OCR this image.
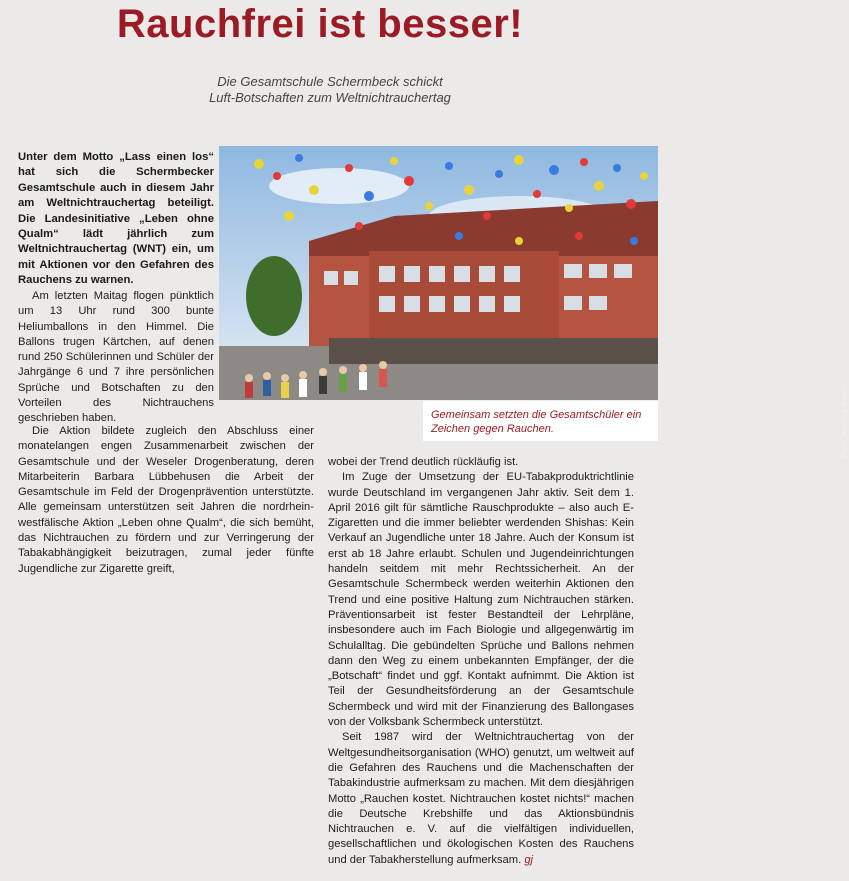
Rauchfrei ist besser!
Die Gesamtschule Schermbeck schickt
Luft-Botschaften zum Weltnichtrauchertag

Unter dem Motto „Lass einen los“ hat sich die Schermbecker Gesamtschule auch in diesem Jahr am Weltnichtrauchertag beteiligt. Die Landesinitiative „Leben ohne Qualm“ lädt jährlich zum Weltnichtrauchertag (WNT) ein, um mit Aktionen vor den Gefahren des Rauchens zu warnen.

Am letzten Maitag flogen pünktlich um 13 Uhr rund 300 bunte Heliumballons in den Himmel. Die Ballons trugen Kärtchen, auf denen rund 250 Schülerinnen und Schüler der Jahrgänge 6 und 7 ihre persönlichen Sprüche und Botschaften zu den Vorteilen des Nichtrauchens geschrieben haben.

Die Aktion bildete zugleich den Abschluss einer monatelangen engen Zusammenarbeit zwischen der Gesamtschule und der Weseler Drogenberatung, deren Mitarbeiterin Barbara Lübbehusen die Arbeit der Gesamtschule im Feld der Drogenprävention unterstützte. Alle gemeinsam unterstützen seit Jahren die nordrhein-westfälische Aktion „Leben ohne Qualm“, die sich bemüht, das Nichtrauchen zu fördern und zur Verringerung der Tabakabhängigkeit beizutragen, zumal jeder fünfte Jugendliche zur Zigarette greift,

Foto: Andrea Bartel
Gemeinsam setzten die Gesamtschüler ein Zeichen gegen Rauchen.

wobei der Trend deutlich rückläufig ist.

Im Zuge der Umsetzung der EU-Tabakproduktrichtlinie wurde Deutschland im vergangenen Jahr aktiv. Seit dem 1. April 2016 gilt für sämtliche Rauschprodukte – also auch E-Zigaretten und die immer beliebter werdenden Shishas: Kein Verkauf an Jugendliche unter 18 Jahre. Auch der Konsum ist erst ab 18 Jahre erlaubt. Schulen und Jugendeinrichtungen handeln seitdem mit mehr Rechtssicherheit. An der Gesamtschule Schermbeck werden weiterhin Aktionen den Trend und eine positive Haltung zum Nichtrauchen stärken. Präventionsarbeit ist fester Bestandteil der Lehrpläne, insbesondere auch im Fach Biologie und allgegenwärtig im Schulalltag. Die gebündelten Sprüche und Ballons nehmen dann den Weg zu einem unbekannten Empfänger, der die „Botschaft“ findet und ggf. Kontakt aufnimmt. Die Aktion ist Teil der Gesundheitsförderung an der Gesamtschule Schermbeck und wird mit der Finanzierung des Ballongases von der Volksbank Schermbeck unterstützt.

Seit 1987 wird der Weltnichtrauchertag von der Weltgesundheitsorganisation (WHO) genutzt, um weltweit auf die Gefahren des Rauchens und die Machenschaften der Tabakindustrie aufmerksam zu machen. Mit dem diesjährigen Motto „Rauchen kostet. Nichtrauchen kostet nichts!“ machen die Deutsche Krebshilfe und das Aktionsbündnis Nichtrauchen e. V. auf die vielfältigen individuellen, gesellschaftlichen und ökologischen Kosten des Rauchens und der Tabakherstellung aufmerksam. gj
